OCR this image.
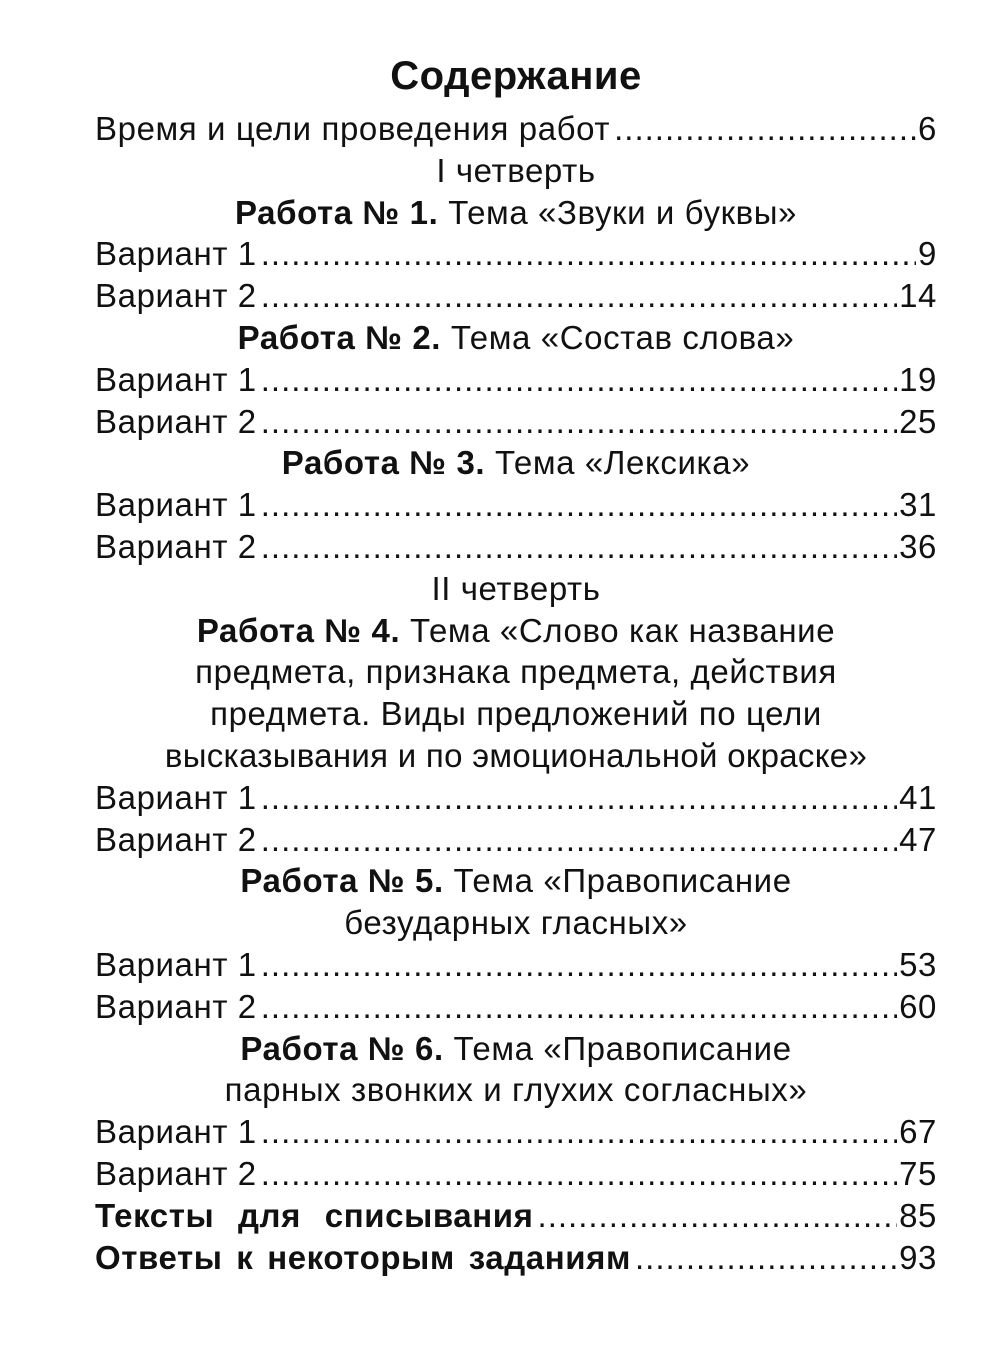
Содержание
Время и цели проведения работ .....	6
I четверть
Работа № 1. Тема «Звуки и буквы»
Вариант 1 .....	9
Вариант 2 .....	14
Работа № 2. Тема «Состав слова»
Вариант 1 .....	19
Вариант 2 .....	25
Работа № 3. Тема «Лексика»
Вариант 1 .....	31
Вариант 2 .....	36
II четверть
Работа № 4. Тема «Слово как название
предмета, признака предмета, действия
предмета. Виды предложений по цели
высказывания и по эмоциональной окраске»
Вариант 1 .....	41
Вариант 2 .....	47
Работа № 5. Тема «Правописание
безударных гласных»
Вариант 1 .....	53
Вариант 2 .....	60
Работа № 6. Тема «Правописание
парных звонких и глухих согласных»
Вариант 1 .....	67
Вариант 2 .....	75
Тексты для списывания .....	85
Ответы к некоторым заданиям .....	93
